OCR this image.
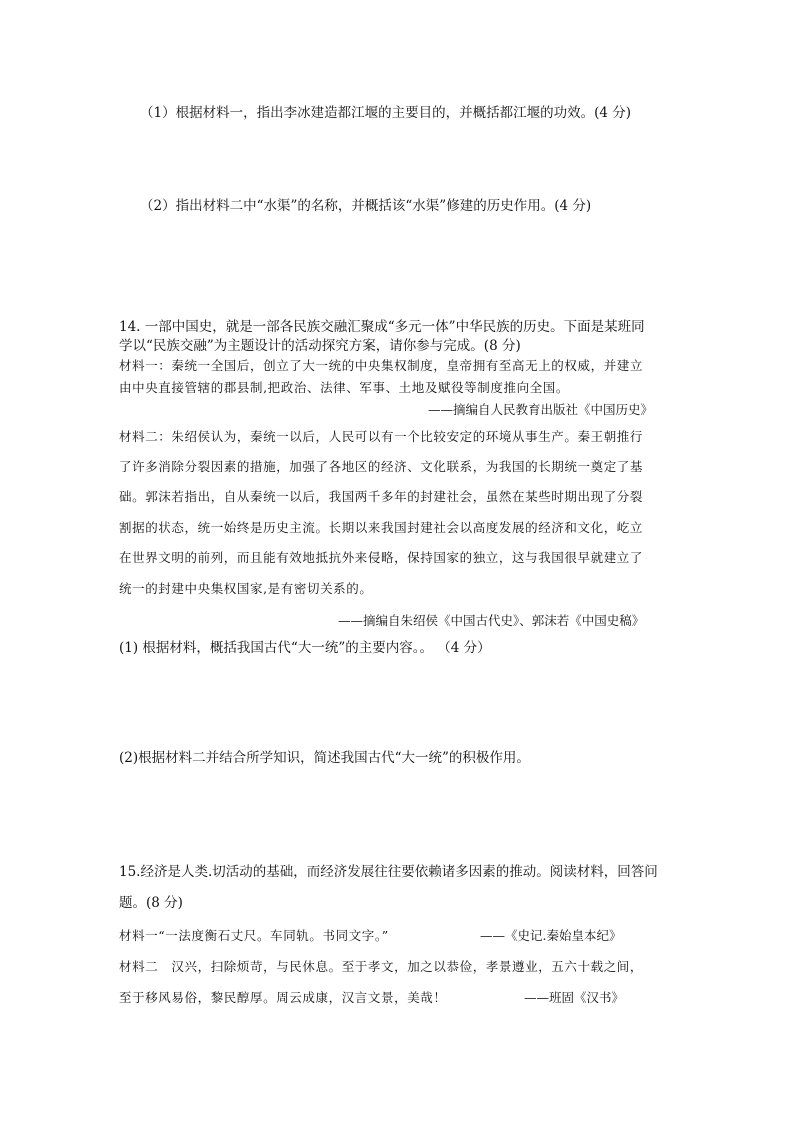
（1）根据材料一，指出李冰建造都江堰的主要目的，并概括都江堰的功效。(4 分)
（2）指出材料二中“水渠”的名称，并概括该“水渠”修建的历史作用。(4 分)
14. 一部中国史，就是一部各民族交融汇聚成“多元一体”中华民族的历史。下面是某班同
学以“民族交融”为主题设计的活动探究方案，请你参与完成。(8 分)
材料一：秦统一全国后，创立了大一统的中央集权制度，皇帝拥有至高无上的权威，并建立
由中央直接管辖的郡县制,把政治、法律、军事、土地及赋役等制度推向全国。
——摘编自人民教育出版社《中国历史》
材料二：朱绍侯认为，秦统一以后，人民可以有一个比较安定的环境从事生产。秦王朝推行
了许多消除分裂因素的措施，加强了各地区的经济、文化联系，为我国的长期统一奠定了基
础。郭沫若指出，自从秦统一以后，我国两千多年的封建社会，虽然在某些时期出现了分裂
割据的状态，统一始终是历史主流。长期以来我国封建社会以高度发展的经济和文化，屹立
在世界文明的前列，而且能有效地抵抗外来侵略，保持国家的独立，这与我国很早就建立了
统一的封建中央集权国家,是有密切关系的。
——摘编自朱绍侯《中国古代史》、郭沫若《中国史稿》
(1) 根据材料，概括我国古代“大一统”的主要内容。。 （4 分）
(2)根据材料二并结合所学知识，简述我国古代“大一统”的积极作用。
15.经济是人类.切活动的基础，而经济发展往往要依赖诸多因素的推动。阅读材料，回答问
题。(8 分)
材料一“一法度衡石丈尺。车同轨。书同文字。”	——《史记.秦始皇本纪》
材料二　汉兴，扫除烦苛，与民休息。至于孝文，加之以恭俭，孝景遵业，五六十载之间，
至于移风易俗，黎民醇厚。周云成康，汉言文景，美哉！	——班固《汉书》
